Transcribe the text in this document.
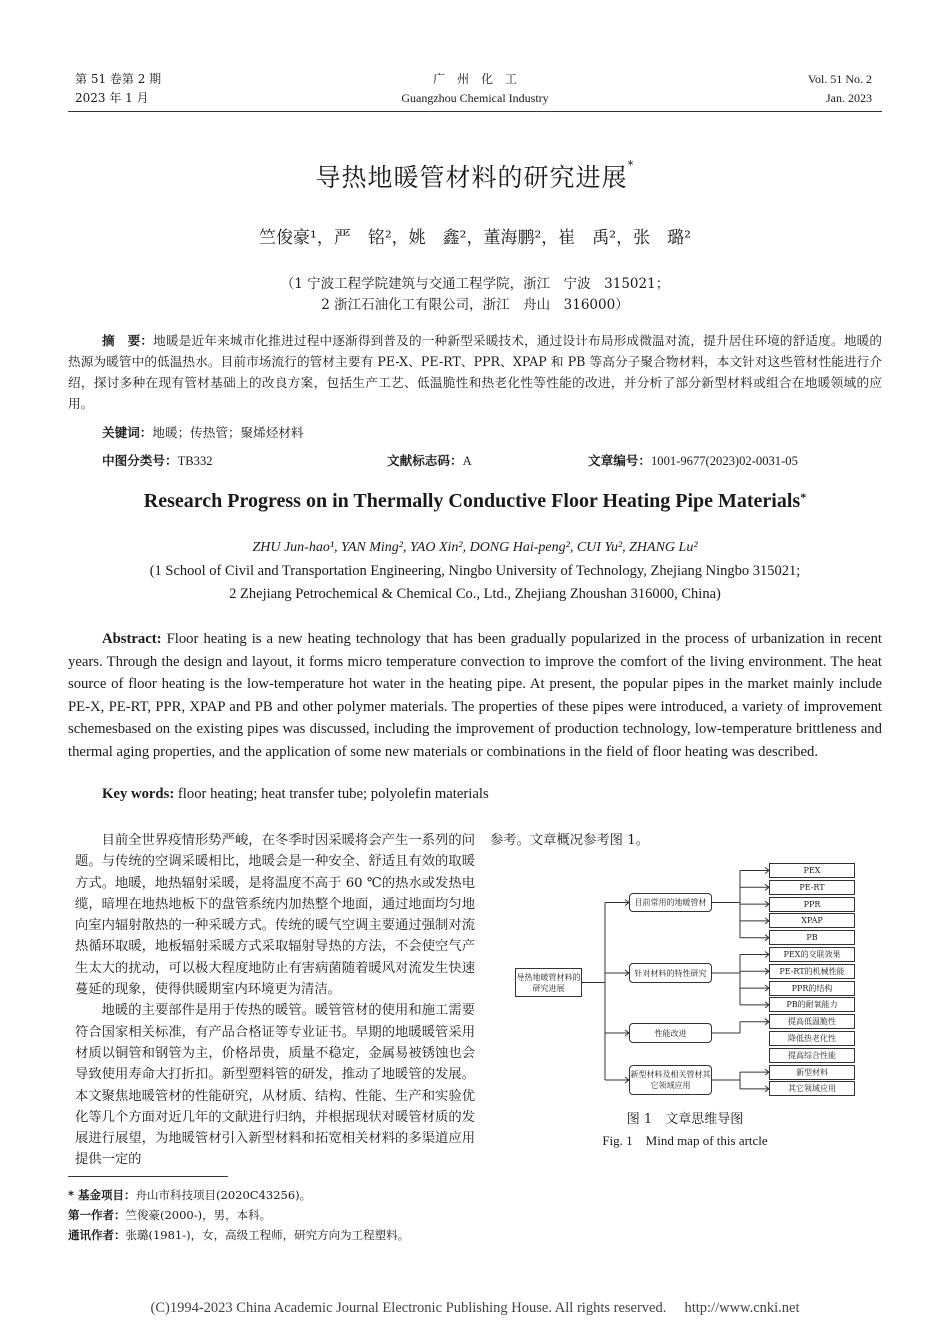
第 51 卷第 2 期
2023 年 1 月
广　州　化　工
Guangzhou Chemical Industry
Vol. 51 No. 2
Jan. 2023
导热地暖管材料的研究进展*
竺俊豪¹，严　铭²，姚　鑫²，董海鹏²，崔　禹²，张　璐²
（1 宁波工程学院建筑与交通工程学院，浙江　宁波　315021；
2 浙江石油化工有限公司，浙江　舟山　316000）
摘　要：地暖是近年来城市化推进过程中逐渐得到普及的一种新型采暖技术，通过设计布局形成微温对流，提升居住环境的舒适度。地暖的热源为暖管中的低温热水。目前市场流行的管材主要有 PE-X、PE-RT、PPR、XPAP 和 PB 等高分子聚合物材料，本文针对这些管材性能进行介绍，探讨多种在现有管材基础上的改良方案，包括生产工艺、低温脆性和热老化性等性能的改进，并分析了部分新型材料或组合在地暖领域的应用。
关键词：地暖；传热管；聚烯烃材料
中图分类号：TB332	文献标志码：A	文章编号：1001-9677(2023)02-0031-05
Research Progress on in Thermally Conductive Floor Heating Pipe Materials*
ZHU Jun-hao¹, YAN Ming², YAO Xin², DONG Hai-peng², CUI Yu², ZHANG Lu²
(1 School of Civil and Transportation Engineering, Ningbo University of Technology, Zhejiang Ningbo 315021;
2 Zhejiang Petrochemical & Chemical Co., Ltd., Zhejiang Zhoushan 316000, China)
Abstract: Floor heating is a new heating technology that has been gradually popularized in the process of urbanization in recent years. Through the design and layout, it forms micro temperature convection to improve the comfort of the living environment. The heat source of floor heating is the low-temperature hot water in the heating pipe. At present, the popular pipes in the market mainly include PE-X, PE-RT, PPR, XPAP and PB and other polymer materials. The properties of these pipes were introduced, a variety of improvement schemesbased on the existing pipes was discussed, including the improvement of production technology, low-temperature brittleness and thermal aging properties, and the application of some new materials or combinations in the field of floor heating was described.
Key words: floor heating; heat transfer tube; polyolefin materials

目前全世界疫情形势严峻，在冬季时因采暖将会产生一系列的问题。与传统的空调采暖相比，地暖会是一种安全、舒适且有效的取暖方式。地暖，地热辐射采暖，是将温度不高于 60 ℃的热水或发热电缆，暗埋在地热地板下的盘管系统内加热整个地面，通过地面均匀地向室内辐射散热的一种采暖方式。传统的暖气空调主要通过强制对流热循环取暖，地板辐射采暖方式采取辐射导热的方法，不会使空气产生太大的扰动，可以极大程度地防止有害病菌随着暖风对流发生快速蔓延的现象，使得供暖期室内环境更为清洁。

地暖的主要部件是用于传热的暖管。暖管管材的使用和施工需要符合国家相关标准，有产品合格证等专业证书。早期的地暖暖管采用材质以铜管和钢管为主，价格昂贵，质量不稳定，金属易被锈蚀也会导致使用寿命大打折扣。新型塑料管的研发，推动了地暖管的发展。本文聚焦地暖管材的性能研究，从材质、结构、性能、生产和实验优化等几个方面对近几年的文献进行归纳，并根据现状对暖管材质的发展进行展望，为地暖管材引入新型材料和拓宽相关材料的多渠道应用提供一定的

参考。文章概况参考图 1。
导热地暖管材料的研究进展
目前常用的地暖管材
PEX
PE-RT
PPR
XPAP
PB
针对材料的特性研究
PEX的交联效果
PE-RT的机械性能
PPR的结构
PB的耐氧能力
性能改进
提高低温脆性
降低热老化性
提高综合性能
新型材料及相关管材其它领域应用
新型材料
其它领域应用
图 1　文章思维导图
Fig. 1　Mind map of this artcle
* 基金项目：舟山市科技项目(2020C43256)。
第一作者：竺俊豪(2000-)，男，本科。
通讯作者：张璐(1981-)，女，高级工程师，研究方向为工程塑料。
(C)1994-2023 China Academic Journal Electronic Publishing House. All rights reserved.　 http://www.cnki.net
